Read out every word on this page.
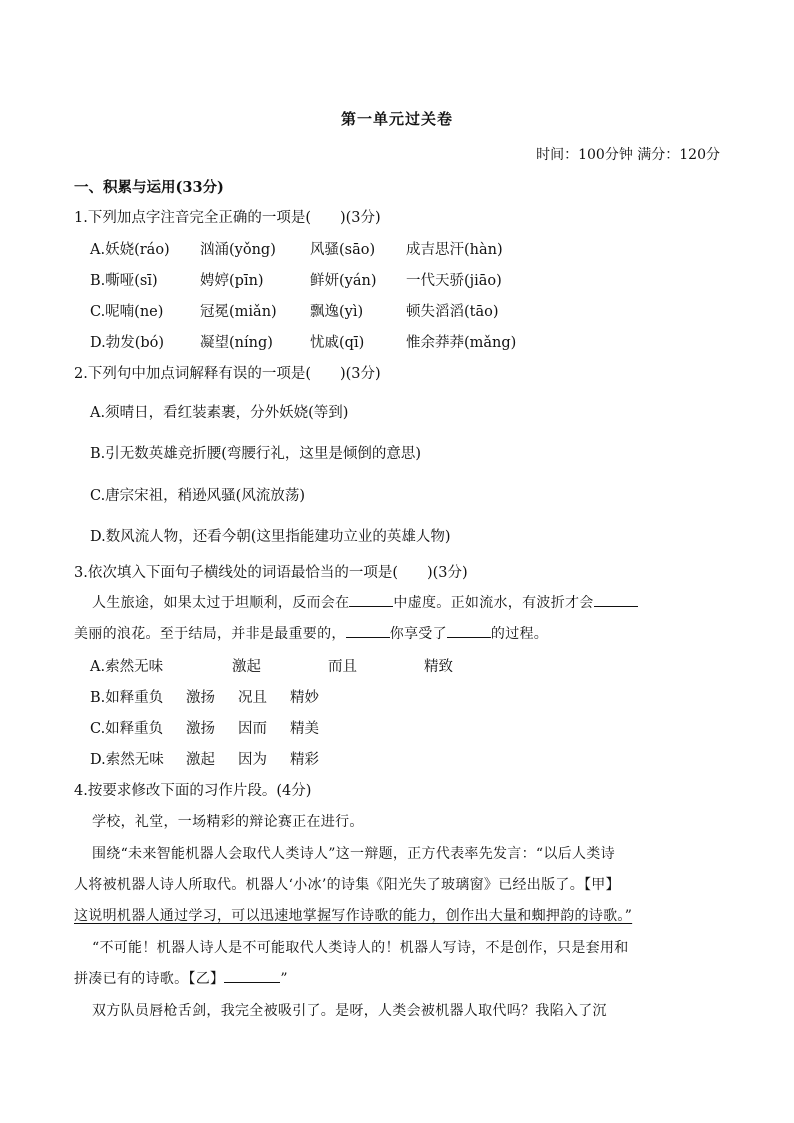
第一单元过关卷
时间：100分钟 满分：120分
一、积累与运用(33分)
1.下列加点字注音完全正确的一项是(　　)(3分)
A.妖娆(ráo) 汹涌(yǒng) 风骚(sāo) 成吉思汗(hàn)
B.嘶哑(sī)	娉婷(pīn)	鲜妍(yán) 一代天骄(jiāo)
C.呢喃(ne)	冠冕(miǎn) 飘逸(yì)	顿失滔滔(tāo)
D.勃发(bó) 凝望(níng)	忧戚(qī)	惟余莽莽(mǎng)
2.下列句中加点词解释有误的一项是(　　)(3分)
A.须晴日，看红装素裹，分外妖娆(等到)
B.引无数英雄竞折腰(弯腰行礼，这里是倾倒的意思)
C.唐宗宋祖，稍逊风骚(风流放荡)
D.数风流人物，还看今朝(这里指能建功立业的英雄人物)
3.依次填入下面句子横线处的词语最恰当的一项是(　　)(3分)
人生旅途，如果太过于坦顺利，反而会在	中虚度。正如流水，有波折才会
美丽的浪花。至于结局，并非是最重要的，	你享受了	的过程。
A.索然无味	激起	而且	精致
B.如释重负 激扬 况且 精妙
C.如释重负 激扬 因而 精美
D.索然无味 激起 因为 精彩
4.按要求修改下面的习作片段。(4分)
学校，礼堂，一场精彩的辩论赛正在进行。
围绕“未来智能机器人会取代人类诗人”这一辩题，正方代表率先发言：“以后人类诗
人将被机器人诗人所取代。机器人‘小冰’的诗集《阳光失了玻璃窗》已经出版了。【甲】
这说明机器人通过学习，可以迅速地掌握写作诗歌的能力，创作出大量和蜘押韵的诗歌。”
“不可能！机器人诗人是不可能取代人类诗人的！机器人写诗，不是创作，只是套用和
拼凑已有的诗歌。【乙】	”
双方队员唇枪舌剑，我完全被吸引了。是呀，人类会被机器人取代吗？我陷入了沉
